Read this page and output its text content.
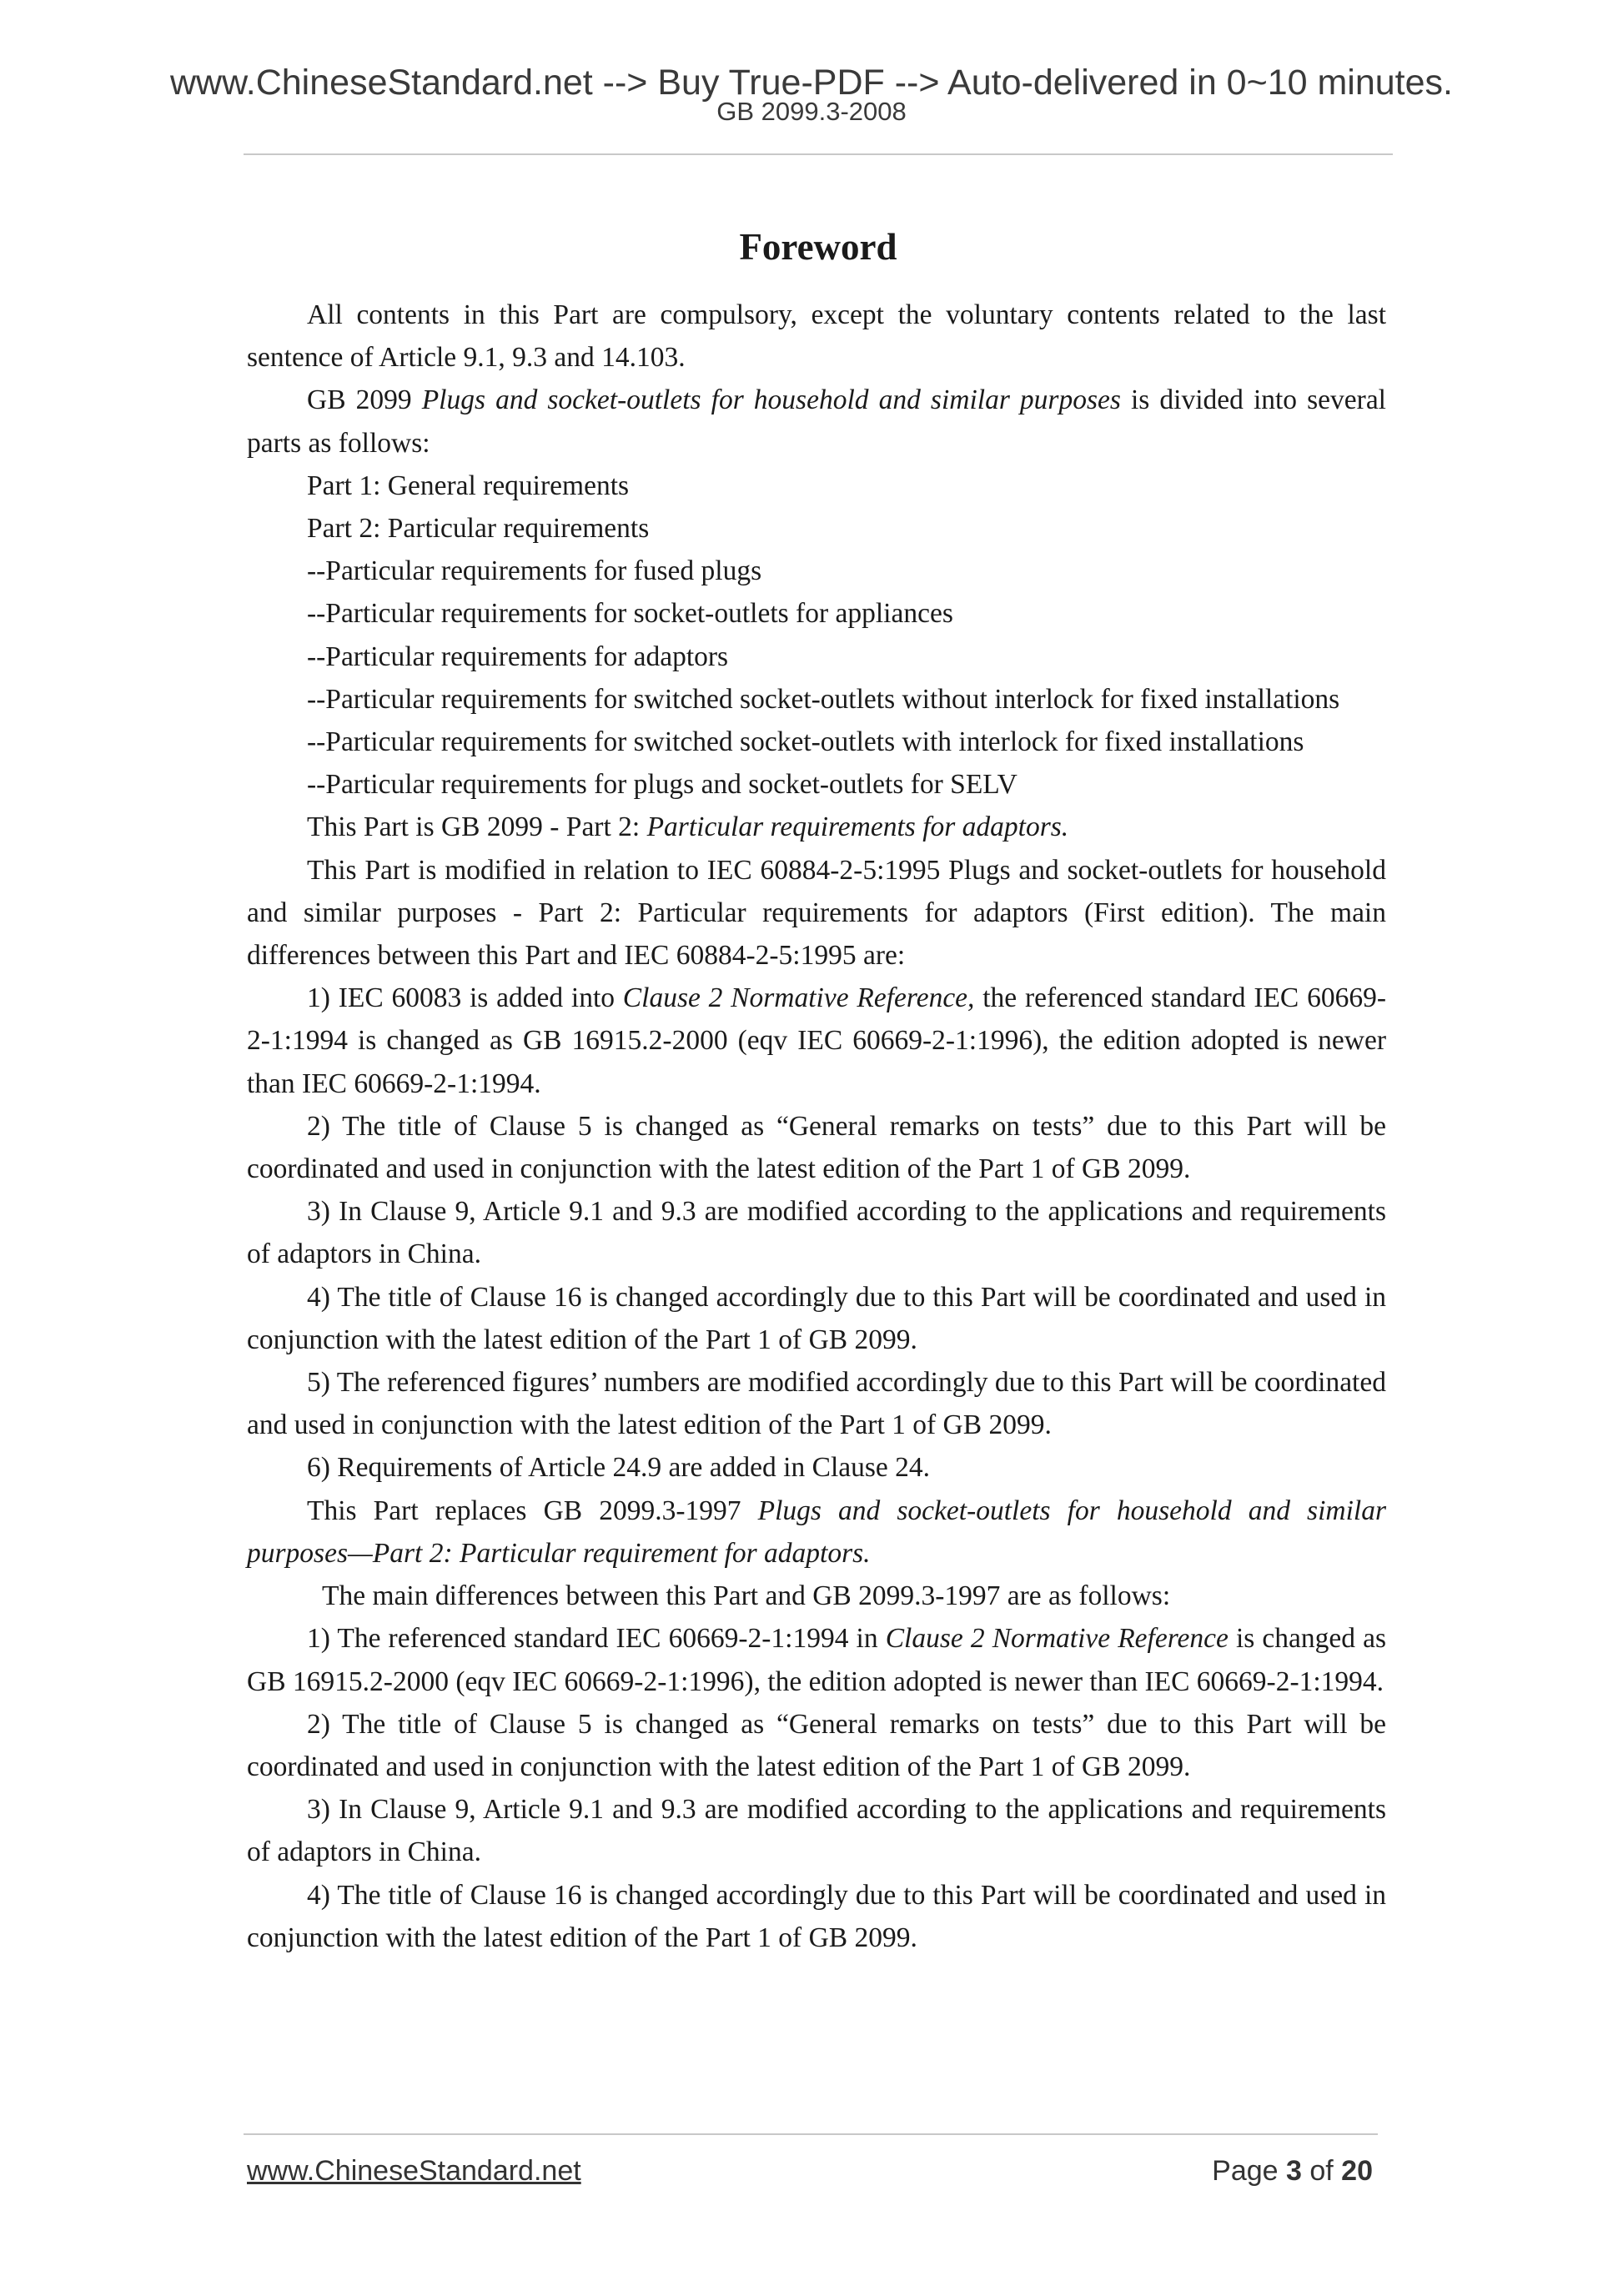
www.ChineseStandard.net --> Buy True-PDF --> Auto-delivered in 0~10 minutes.
GB 2099.3-2008
Foreword

All contents in this Part are compulsory, except the voluntary contents related to the last sentence of Article 9.1, 9.3 and 14.103.

GB 2099 Plugs and socket-outlets for household and similar purposes is divided into several parts as follows:

Part 1: General requirements

Part 2: Particular requirements

--Particular requirements for fused plugs

--Particular requirements for socket-outlets for appliances

--Particular requirements for adaptors

--Particular requirements for switched socket-outlets without interlock for fixed installations

--Particular requirements for switched socket-outlets with interlock for fixed installations

--Particular requirements for plugs and socket-outlets for SELV

This Part is GB 2099 - Part 2: Particular requirements for adaptors.

This Part is modified in relation to IEC 60884-2-5:1995 Plugs and socket-outlets for household and similar purposes - Part 2: Particular requirements for adaptors (First edition). The main differences between this Part and IEC 60884-2-5:1995 are:

1) IEC 60083 is added into Clause 2 Normative Reference, the referenced standard IEC 60669-2-1:1994 is changed as GB 16915.2-2000 (eqv IEC 60669-2-1:1996), the edition adopted is newer than IEC 60669-2-1:1994.

2) The title of Clause 5 is changed as “General remarks on tests” due to this Part will be coordinated and used in conjunction with the latest edition of the Part 1 of GB 2099.

3) In Clause 9, Article 9.1 and 9.3 are modified according to the applications and requirements of adaptors in China.

4) The title of Clause 16 is changed accordingly due to this Part will be coordinated and used in conjunction with the latest edition of the Part 1 of GB 2099.

5) The referenced figures’ numbers are modified accordingly due to this Part will be coordinated and used in conjunction with the latest edition of the Part 1 of GB 2099.

6) Requirements of Article 24.9 are added in Clause 24.

This Part replaces GB 2099.3-1997 Plugs and socket-outlets for household and similar purposes—Part 2: Particular requirement for adaptors.

The main differences between this Part and GB 2099.3-1997 are as follows:

1) The referenced standard IEC 60669-2-1:1994 in Clause 2 Normative Reference is changed as GB 16915.2-2000 (eqv IEC 60669-2-1:1996), the edition adopted is newer than IEC 60669-2-1:1994.

2) The title of Clause 5 is changed as “General remarks on tests” due to this Part will be coordinated and used in conjunction with the latest edition of the Part 1 of GB 2099.

3) In Clause 9, Article 9.1 and 9.3 are modified according to the applications and requirements of adaptors in China.

4) The title of Clause 16 is changed accordingly due to this Part will be coordinated and used in conjunction with the latest edition of the Part 1 of GB 2099.

www.ChineseStandard.net	Page 3 of 20
